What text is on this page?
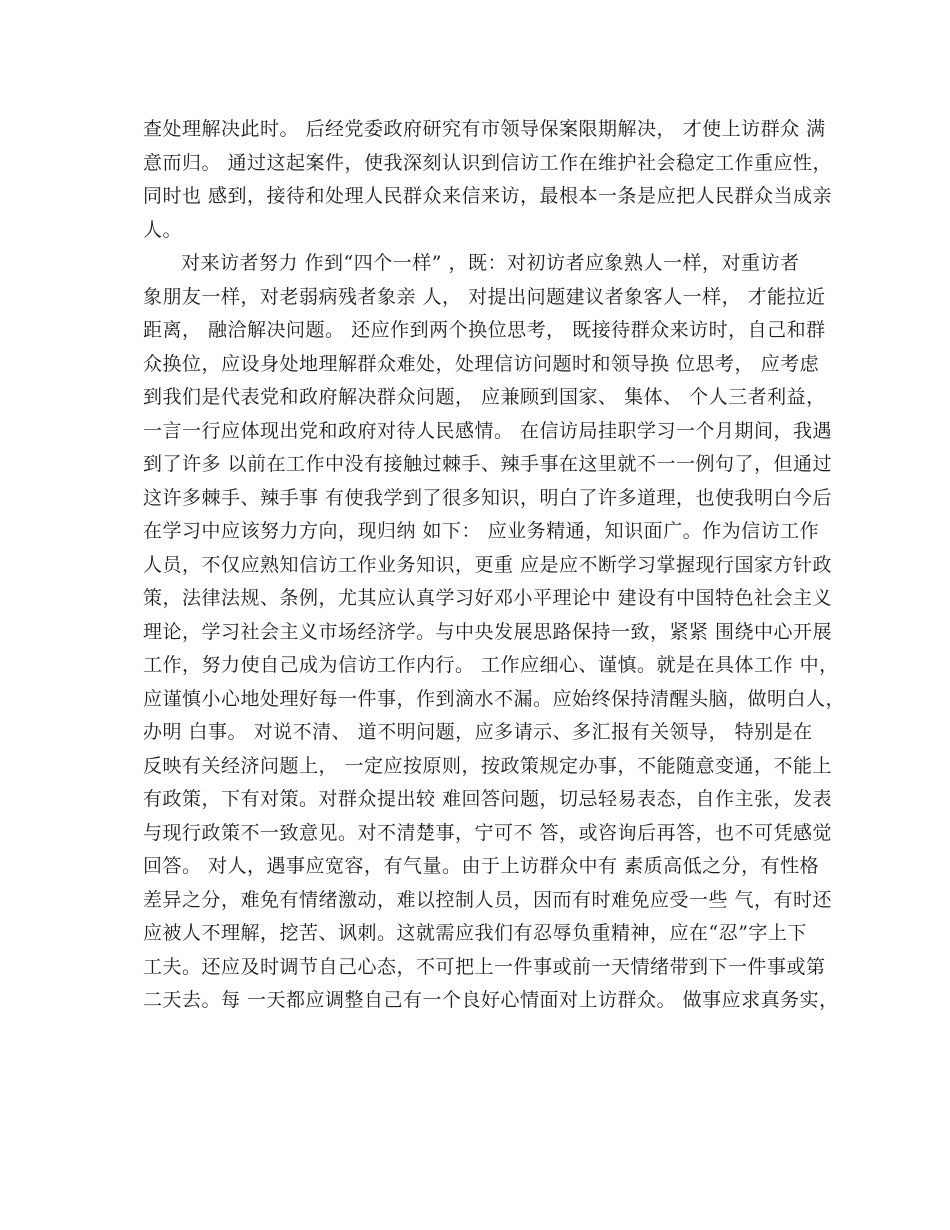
查处理解决此时。 后经党委政府研究有市领导保案限期解决， 才使上访群众 满
意而归。 通过这起案件，使我深刻认识到信访工作在维护社会稳定工作重应性，
同时也 感到，接待和处理人民群众来信来访，最根本一条是应把人民群众当成亲
人。
对来访者努力 作到“四个一样” ，既：对初访者应象熟人一样，对重访者
象朋友一样，对老弱病残者象亲 人， 对提出问题建议者象客人一样， 才能拉近
距离， 融洽解决问题。 还应作到两个换位思考， 既接待群众来访时，自己和群
众换位，应设身处地理解群众难处，处理信访问题时和领导换 位思考， 应考虑
到我们是代表党和政府解决群众问题， 应兼顾到国家、 集体、 个人三者利益，
一言一行应体现出党和政府对待人民感情。 在信访局挂职学习一个月期间，我遇
到了许多 以前在工作中没有接触过棘手、辣手事在这里就不一一例句了，但通过
这许多棘手、辣手事 有使我学到了很多知识，明白了许多道理，也使我明白今后
在学习中应该努力方向，现归纳 如下： 应业务精通，知识面广。作为信访工作
人员，不仅应熟知信访工作业务知识，更重 应是应不断学习掌握现行国家方针政
策，法律法规、条例，尤其应认真学习好邓小平理论中 建设有中国特色社会主义
理论，学习社会主义市场经济学。与中央发展思路保持一致，紧紧 围绕中心开展
工作，努力使自己成为信访工作内行。 工作应细心、谨慎。就是在具体工作 中，
应谨慎小心地处理好每一件事，作到滴水不漏。应始终保持清醒头脑，做明白人，
办明 白事。 对说不清、 道不明问题，应多请示、多汇报有关领导， 特别是在
反映有关经济问题上， 一定应按原则，按政策规定办事，不能随意变通，不能上
有政策，下有对策。对群众提出较 难回答问题，切忌轻易表态，自作主张，发表
与现行政策不一致意见。对不清楚事，宁可不 答，或咨询后再答，也不可凭感觉
回答。 对人，遇事应宽容，有气量。由于上访群众中有 素质高低之分，有性格
差异之分，难免有情绪激动，难以控制人员，因而有时难免应受一些 气，有时还
应被人不理解，挖苦、讽刺。这就需应我们有忍辱负重精神，应在“忍”字上下
工夫。还应及时调节自己心态，不可把上一件事或前一天情绪带到下一件事或第
二天去。每 一天都应调整自己有一个良好心情面对上访群众。 做事应求真务实，
